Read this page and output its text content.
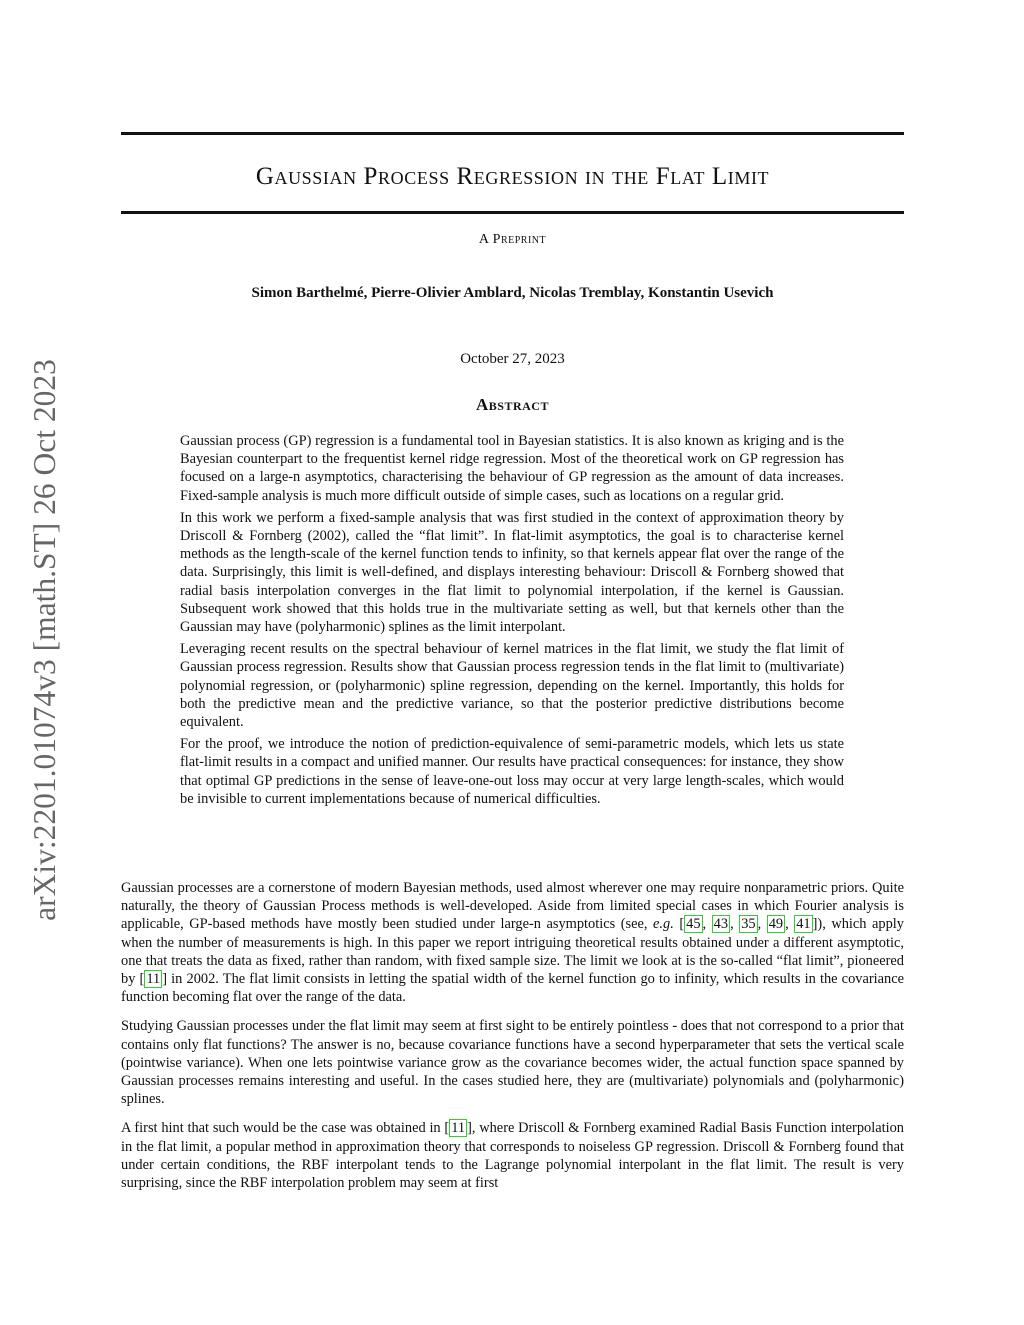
arXiv:2201.01074v3 [math.ST] 26 Oct 2023
Gaussian Process Regression in the Flat Limit
A Preprint
Simon Barthelmé, Pierre-Olivier Amblard, Nicolas Tremblay, Konstantin Usevich
October 27, 2023
Abstract

Gaussian process (GP) regression is a fundamental tool in Bayesian statistics. It is also known as kriging and is the Bayesian counterpart to the frequentist kernel ridge regression. Most of the theoretical work on GP regression has focused on a large-n asymptotics, characterising the behaviour of GP regression as the amount of data increases. Fixed-sample analysis is much more difficult outside of simple cases, such as locations on a regular grid.

In this work we perform a fixed-sample analysis that was first studied in the context of approximation theory by Driscoll & Fornberg (2002), called the “flat limit”. In flat-limit asymptotics, the goal is to characterise kernel methods as the length-scale of the kernel function tends to infinity, so that kernels appear flat over the range of the data. Surprisingly, this limit is well-defined, and displays interesting behaviour: Driscoll & Fornberg showed that radial basis interpolation converges in the flat limit to polynomial interpolation, if the kernel is Gaussian. Subsequent work showed that this holds true in the multivariate setting as well, but that kernels other than the Gaussian may have (polyharmonic) splines as the limit interpolant.

Leveraging recent results on the spectral behaviour of kernel matrices in the flat limit, we study the flat limit of Gaussian process regression. Results show that Gaussian process regression tends in the flat limit to (multivariate) polynomial regression, or (polyharmonic) spline regression, depending on the kernel. Importantly, this holds for both the predictive mean and the predictive variance, so that the posterior predictive distributions become equivalent.

For the proof, we introduce the notion of prediction-equivalence of semi-parametric models, which lets us state flat-limit results in a compact and unified manner. Our results have practical consequences: for instance, they show that optimal GP predictions in the sense of leave-one-out loss may occur at very large length-scales, which would be invisible to current implementations because of numerical difficulties.

Gaussian processes are a cornerstone of modern Bayesian methods, used almost wherever one may require nonparametric priors. Quite naturally, the theory of Gaussian Process methods is well-developed. Aside from limited special cases in which Fourier analysis is applicable, GP-based methods have mostly been studied under large-n asymptotics (see, e.g. [ 45 , 43 , 35 , 49 , 41 ]), which apply when the number of measurements is high. In this paper we report intriguing theoretical results obtained under a different asymptotic, one that treats the data as fixed, rather than random, with fixed sample size. The limit we look at is the so-called “flat limit”, pioneered by [ 11 ] in 2002. The flat limit consists in letting the spatial width of the kernel function go to infinity, which results in the covariance function becoming flat over the range of the data.

Studying Gaussian processes under the flat limit may seem at first sight to be entirely pointless - does that not correspond to a prior that contains only flat functions? The answer is no, because covariance functions have a second hyperparameter that sets the vertical scale (pointwise variance). When one lets pointwise variance grow as the covariance becomes wider, the actual function space spanned by Gaussian processes remains interesting and useful. In the cases studied here, they are (multivariate) polynomials and (polyharmonic) splines.

A first hint that such would be the case was obtained in [ 11 ], where Driscoll & Fornberg examined Radial Basis Function interpolation in the flat limit, a popular method in approximation theory that corresponds to noiseless GP regression. Driscoll & Fornberg found that under certain conditions, the RBF interpolant tends to the Lagrange polynomial interpolant in the flat limit. The result is very surprising, since the RBF interpolation problem may seem at first
